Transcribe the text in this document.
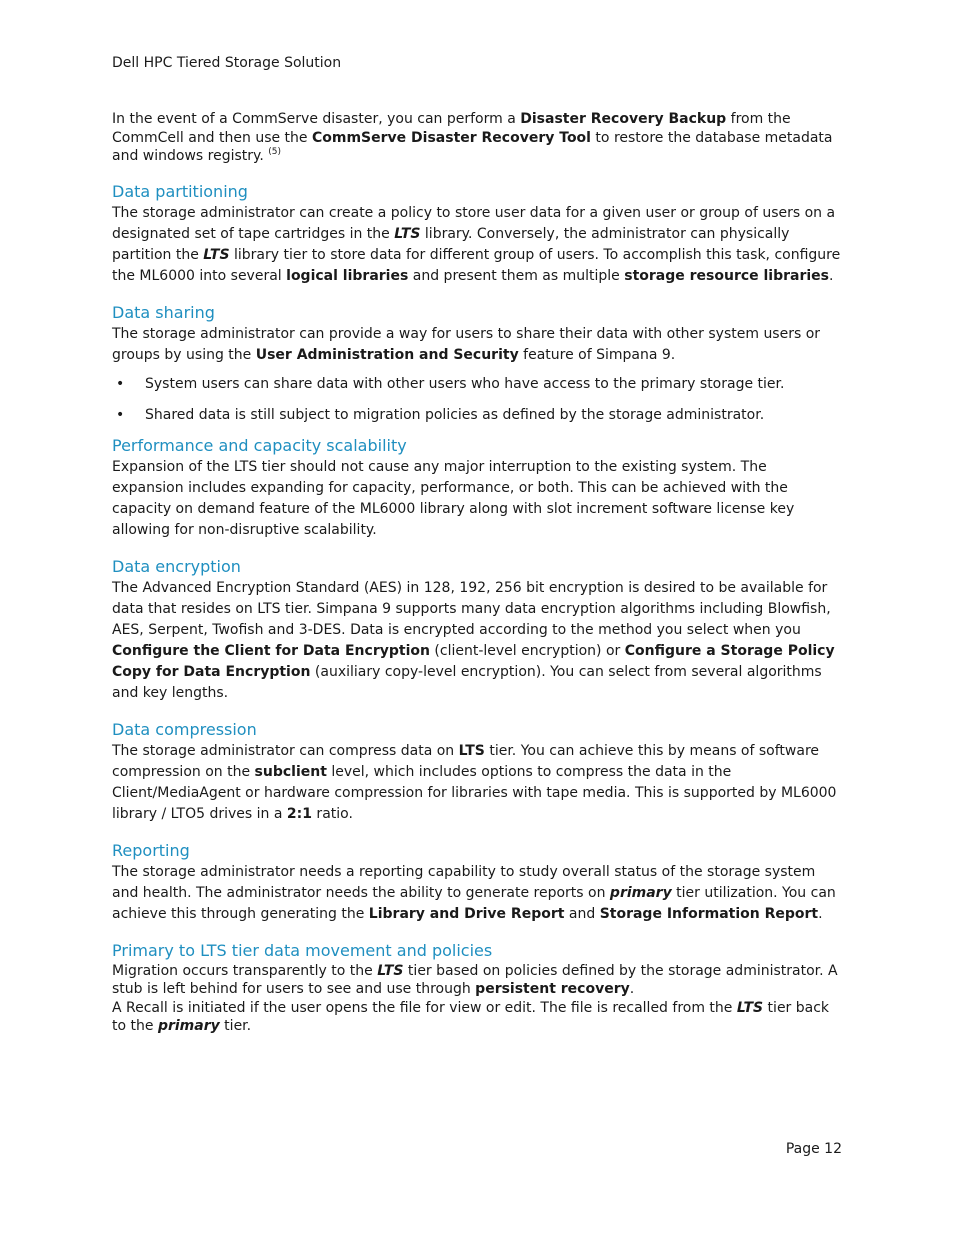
Dell HPC Tiered Storage Solution

In the event of a CommServe disaster, you can perform a Disaster Recovery Backup from the CommCell and then use the CommServe Disaster Recovery Tool to restore the database metadata and windows registry. $^{(5)}$

Data partitioning

The storage administrator can create a policy to store user data for a given user or group of users on a designated set of tape cartridges in the LTS library. Conversely, the administrator can physically partition the LTS library tier to store data for different group of users. To accomplish this task, configure the ML6000 into several logical libraries and present them as multiple storage resource libraries.

Data sharing

The storage administrator can provide a way for users to share their data with other system users or groups by using the User Administration and Security feature of Simpana 9.

• System users can share data with other users who have access to the primary storage tier.
• Shared data is still subject to migration policies as defined by the storage administrator.
Performance and capacity scalability

Expansion of the LTS tier should not cause any major interruption to the existing system. The expansion includes expanding for capacity, performance, or both. This can be achieved with the capacity on demand feature of the ML6000 library along with slot increment software license key allowing for non-disruptive scalability.

Data encryption

The Advanced Encryption Standard (AES) in 128, 192, 256 bit encryption is desired to be available for data that resides on LTS tier. Simpana 9 supports many data encryption algorithms including Blowfish, AES, Serpent, Twofish and 3-DES. Data is encrypted according to the method you select when you Configure the Client for Data Encryption (client-level encryption) or Configure a Storage Policy Copy for Data Encryption (auxiliary copy-level encryption). You can select from several algorithms and key lengths.

Data compression

The storage administrator can compress data on LTS tier. You can achieve this by means of software compression on the subclient level, which includes options to compress the data in the Client/MediaAgent or hardware compression for libraries with tape media. This is supported by ML6000 library / LTO5 drives in a 2:1 ratio.

Reporting

The storage administrator needs a reporting capability to study overall status of the storage system and health. The administrator needs the ability to generate reports on primary tier utilization. You can achieve this through generating the Library and Drive Report and Storage Information Report.

Primary to LTS tier data movement and policies

Migration occurs transparently to the LTS tier based on policies defined by the storage administrator. A stub is left behind for users to see and use through persistent recovery.

A Recall is initiated if the user opens the file for view or edit. The file is recalled from the LTS tier back to the primary tier.

Page 12
